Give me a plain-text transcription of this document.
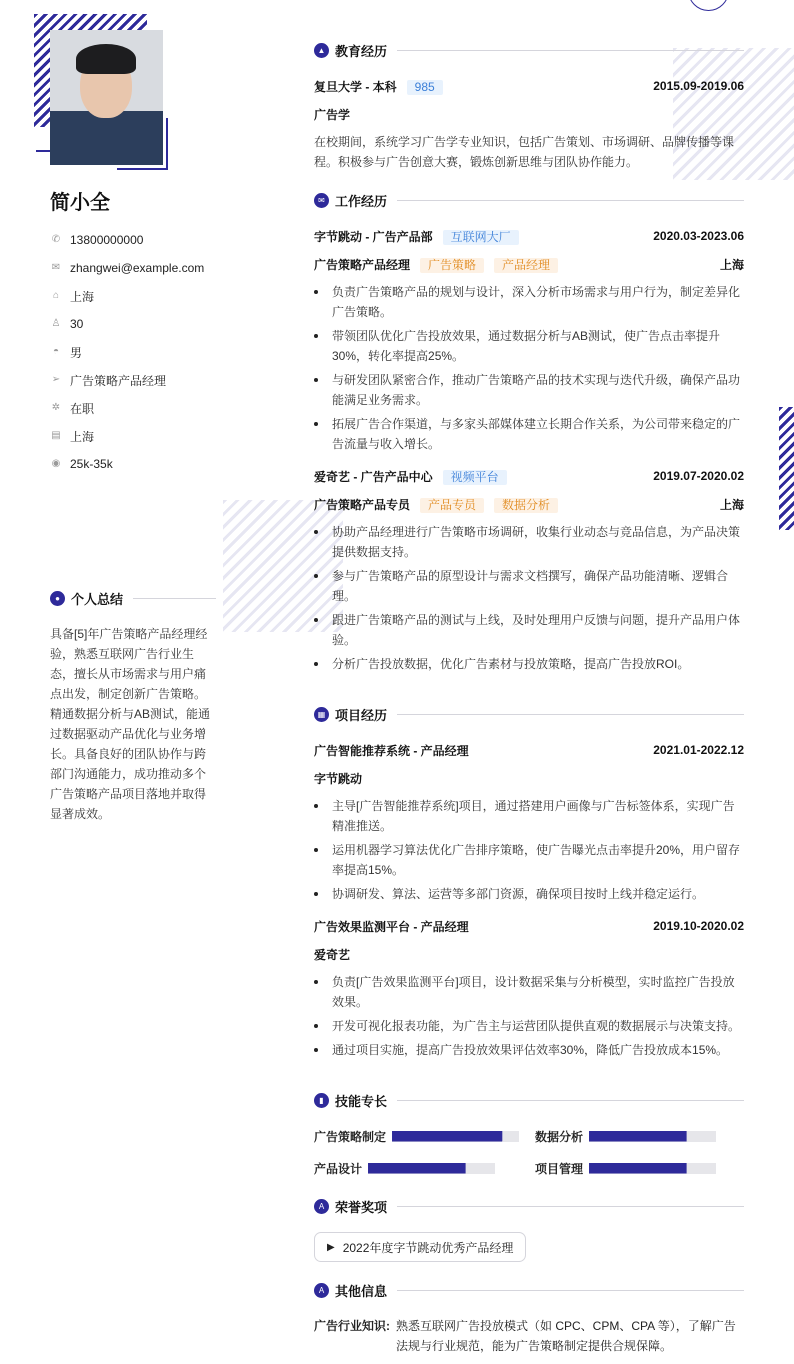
简小全
✆ 13800000000
✉ zhangwei@example.com
⌂ 上海
♙ 30
◓ 男
➢ 广告策略产品经理
✲ 在职
▤ 上海
◉ 25k-35k
● 个人总结

具备[5]年广告策略产品经理经验，熟悉互联网广告行业生态，擅长从市场需求与用户痛点出发，制定创新广告策略。精通数据分析与AB测试，能通过数据驱动产品优化与业务增长。具备良好的团队协作与跨部门沟通能力，成功推动多个广告策略产品项目落地并取得显著成效。

▲ 教育经历
复旦大学 - 本科 985	2015.09-2019.06
广告学

在校期间，系统学习广告学专业知识，包括广告策划、市场调研、品牌传播等课程。积极参与广告创意大赛，锻炼创新思维与团队协作能力。

✉ 工作经历
字节跳动 - 广告产品部 互联网大厂	2020.03-2023.06
广告策略产品经理 广告策略 产品经理	上海
负责广告策略产品的规划与设计，深入分析市场需求与用户行为，制定差异化广告策略。
带领团队优化广告投放效果，通过数据分析与AB测试，使广告点击率提升30%，转化率提高25%。
与研发团队紧密合作，推动广告策略产品的技术实现与迭代升级，确保产品功能满足业务需求。
拓展广告合作渠道，与多家头部媒体建立长期合作关系，为公司带来稳定的广告流量与收入增长。
爱奇艺 - 广告产品中心 视频平台	2019.07-2020.02
广告策略产品专员 产品专员 数据分析	上海
协助产品经理进行广告策略市场调研，收集行业动态与竞品信息，为产品决策提供数据支持。
参与广告策略产品的原型设计与需求文档撰写，确保产品功能清晰、逻辑合理。
跟进广告策略产品的测试与上线，及时处理用户反馈与问题，提升产品用户体验。
分析广告投放数据，优化广告素材与投放策略，提高广告投放ROI。
▦ 项目经历
广告智能推荐系统 - 产品经理	2021.01-2022.12
字节跳动
主导[广告智能推荐系统]项目，通过搭建用户画像与广告标签体系，实现广告精准推送。
运用机器学习算法优化广告排序策略，使广告曝光点击率提升20%，用户留存率提高15%。
协调研发、算法、运营等多部门资源，确保项目按时上线并稳定运行。
广告效果监测平台 - 产品经理	2019.10-2020.02
爱奇艺
负责[广告效果监测平台]项目，设计数据采集与分析模型，实时监控广告投放效果。
开发可视化报表功能，为广告主与运营团队提供直观的数据展示与决策支持。
通过项目实施，提高广告投放效果评估效率30%，降低广告投放成本15%。
▮ 技能专长
广告策略制定	数据分析
产品设计	项目管理
A 荣誉奖项
▶ 2022年度字节跳动优秀产品经理
A 其他信息
广告行业知识: 熟悉互联网广告投放模式（如 CPC、CPM、CPA 等），了解广告法规与行业规范，能为广告策略制定提供合规保障。
